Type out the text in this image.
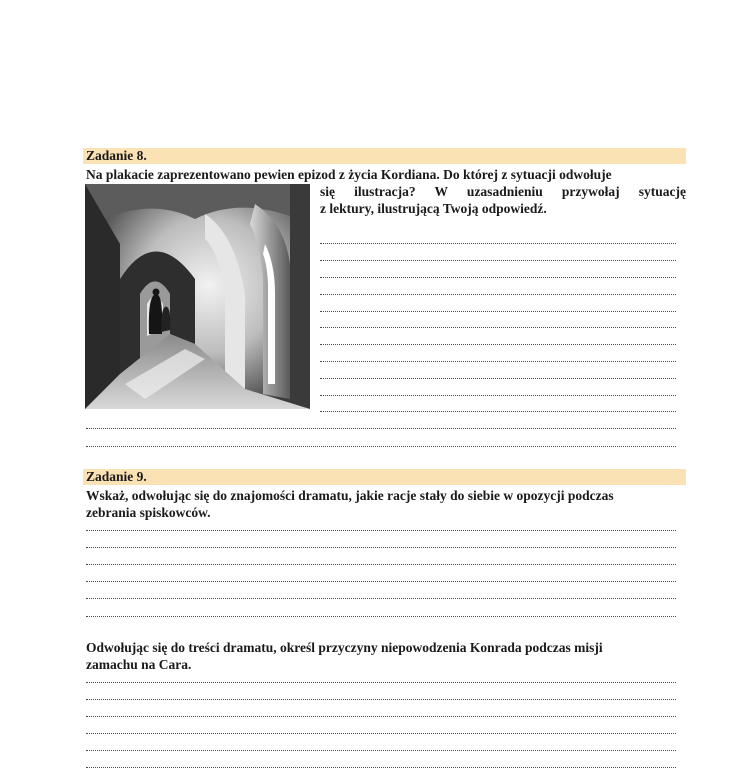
Zadanie 8.

Na plakacie zaprezentowano pewien epizod z życia Kordiana. Do której z sytuacji odwołuje

się ilustracja? W uzasadnieniu przywołaj sytuację

z lektury, ilustrującą Twoją odpowiedź.

Zadanie 9.

Wskaż, odwołując się do znajomości dramatu, jakie racje stały do siebie w opozycji podczas

zebrania spiskowców.

Odwołując się do treści dramatu, określ przyczyny niepowodzenia Konrada podczas misji

zamachu na Cara.
